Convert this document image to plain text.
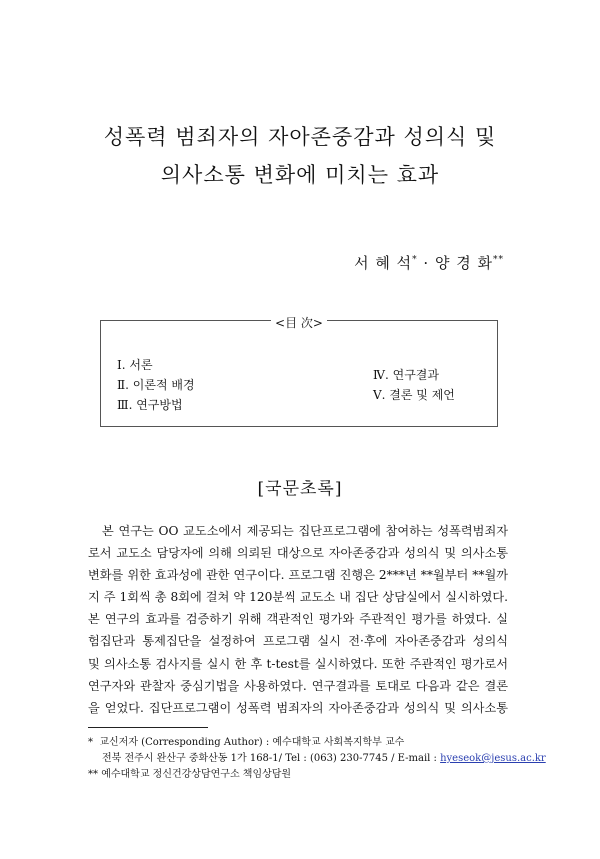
성폭력 범죄자의 자아존중감과 성의식 및
의사소통 변화에 미치는 효과
서 혜 석* · 양 경 화**
<目 次>
Ⅰ. 서론
Ⅱ. 이론적 배경
Ⅲ. 연구방법
Ⅳ. 연구결과
Ⅴ. 결론 및 제언
[국문초록]

본 연구는 OO 교도소에서 제공되는 집단프로그램에 참여하는 성폭력범죄자
로서 교도소 담당자에 의해 의뢰된 대상으로 자아존중감과 성의식 및 의사소통
변화를 위한 효과성에 관한 연구이다. 프로그램 진행은 2***년 **월부터 **월까
지 주 1회씩 총 8회에 걸쳐 약 120분씩 교도소 내 집단 상담실에서 실시하였다.
본 연구의 효과를 검증하기 위해 객관적인 평가와 주관적인 평가를 하였다. 실
험집단과 통제집단을 설정하여 프로그램 실시 전·후에 자아존중감과 성의식
및 의사소통 검사지를 실시 한 후 t-test를 실시하였다. 또한 주관적인 평가로서
연구자와 관찰자 중심기법을 사용하였다. 연구결과를 토대로 다음과 같은 결론
을 얻었다. 집단프로그램이 성폭력 범죄자의 자아존중감과 성의식 및 의사소통

* 교신저자 (Corresponding Author) : 예수대학교 사회복지학부 교수
전북 전주시 완산구 중화산동 1가 168-1/ Tel : (063) 230-7745 / E-mail : hyeseok@jesus.ac.kr
** 예수대학교 정신건강상담연구소 책임상담원
